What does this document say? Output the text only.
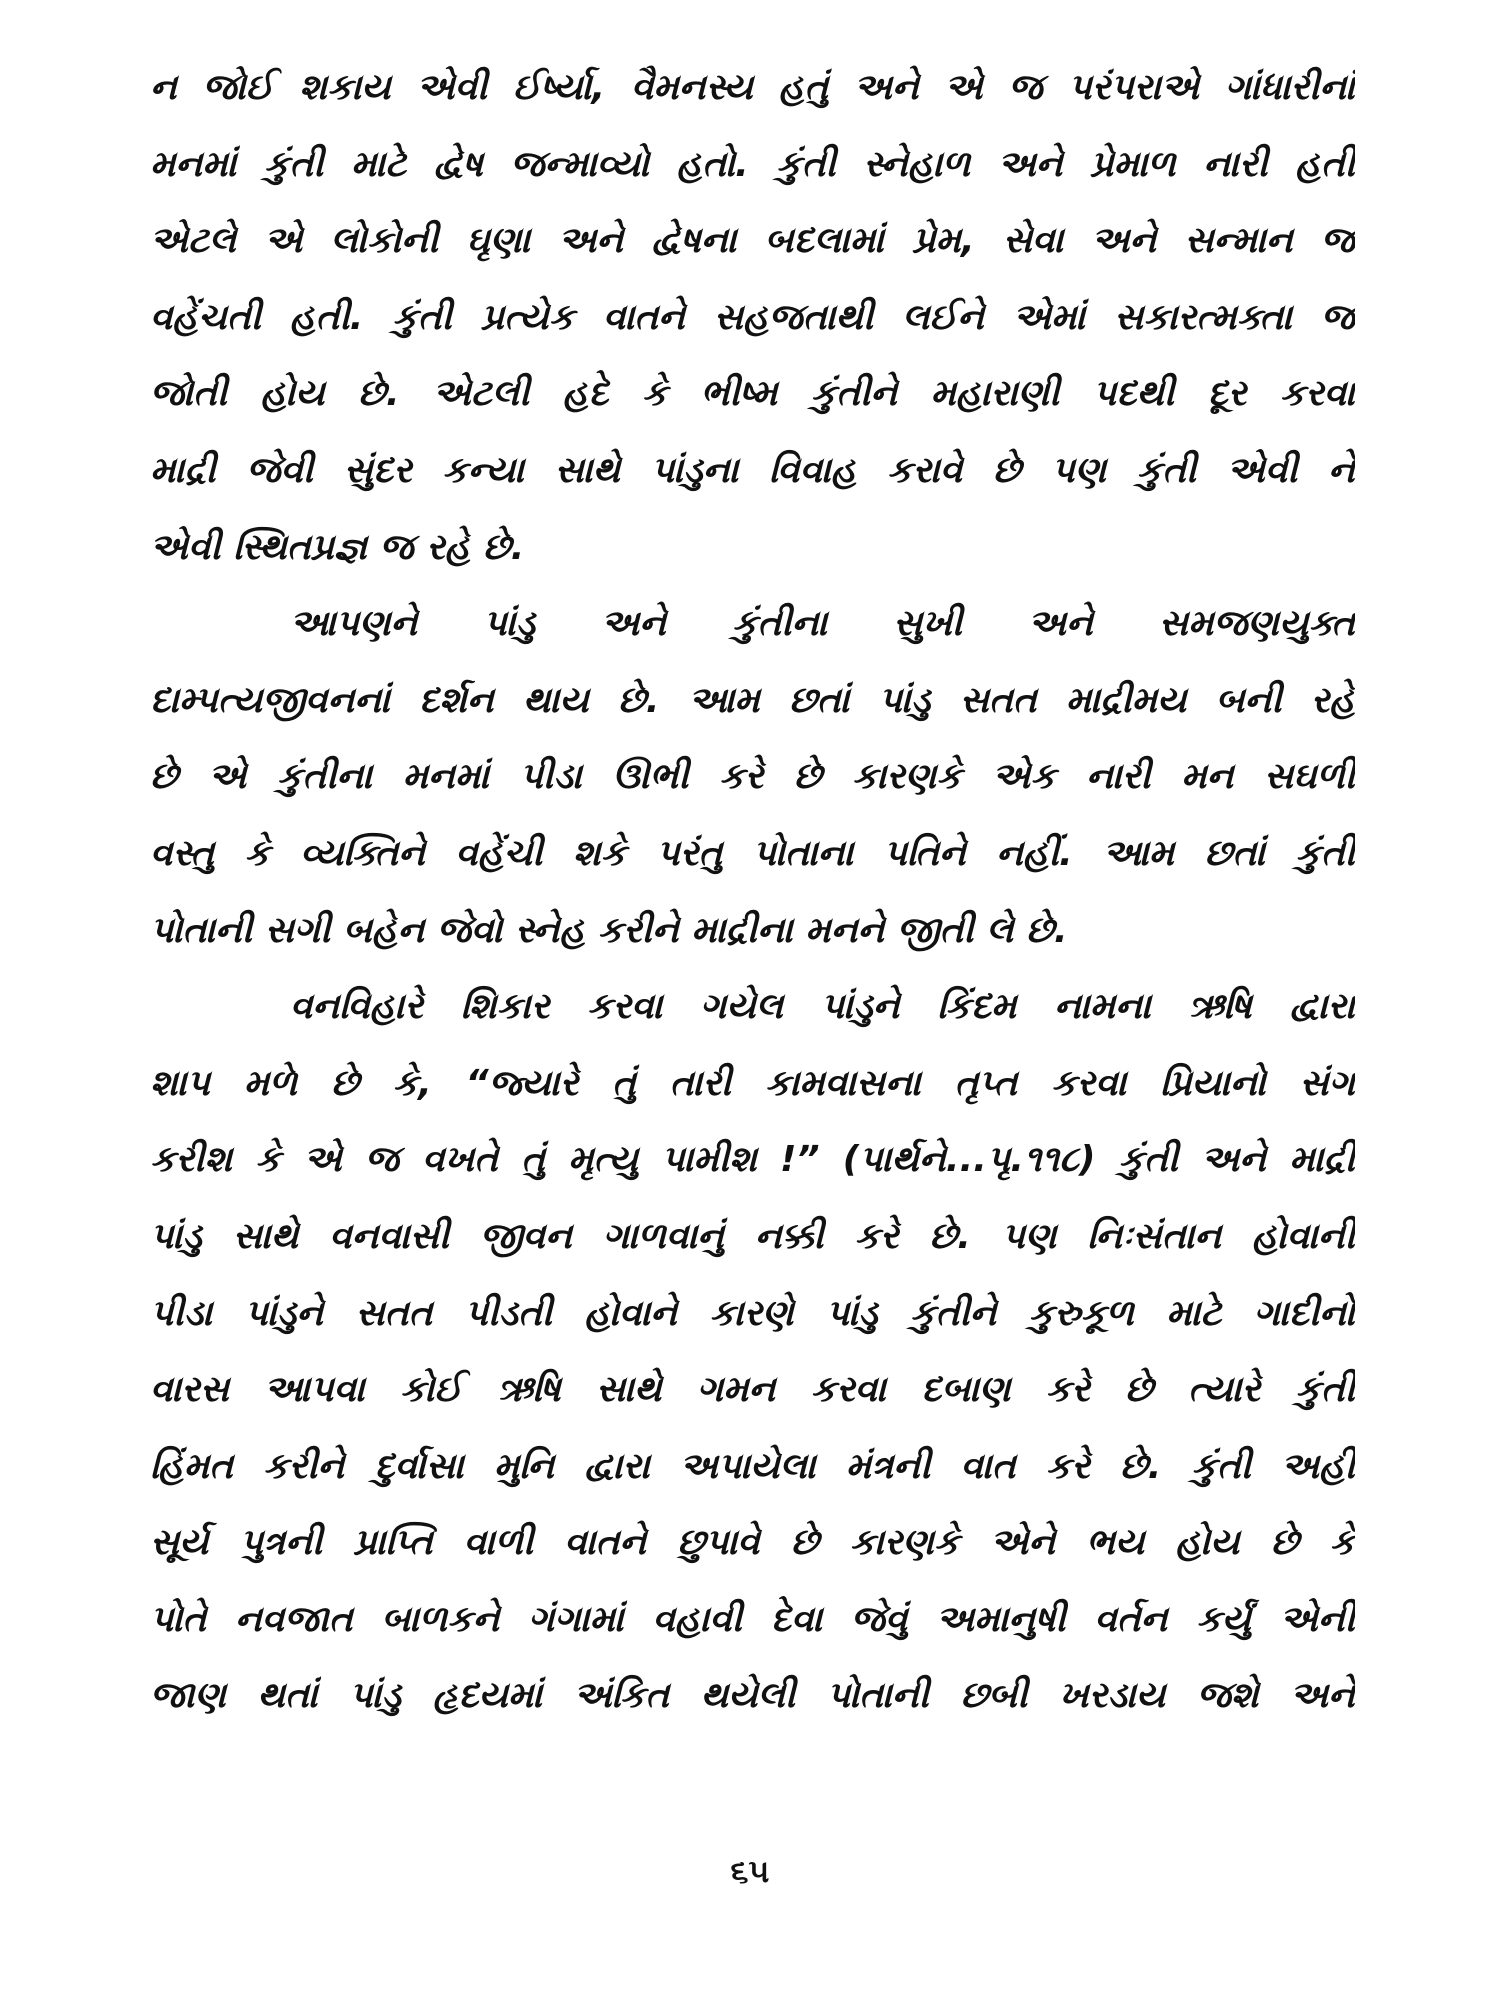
ન જોઈ શકાય એવી ઈર્ષ્યા, વૈમનસ્ય હતું અને એ જ પરંપરાએ ગાંધારીનાં
મનમાં કુંતી માટે દ્વેષ જન્માવ્યો હતો. કુંતી સ્નેહાળ અને પ્રેમાળ નારી હતી
એટલે એ લોકોની ઘૃણા અને દ્વેષના બદલામાં પ્રેમ, સેવા અને સન્માન જ
વહેંચતી હતી. કુંતી પ્રત્યેક વાતને સહજતાથી લઈને એમાં સકારત્મક્તા જ
જોતી હોય છે. એટલી હદે કે ભીષ્મ કુંતીને મહારાણી પદથી દૂર કરવા
માદ્રી જેવી સુંદર કન્યા સાથે પાંડુના વિવાહ કરાવે છે પણ કુંતી એવી ને
એવી સ્થિતપ્રજ્ઞ જ રહે છે.
આપણને પાંડુ અને કુંતીના સુખી અને સમજણયુક્ત
દામ્પત્યજીવનનાં દર્શન થાય છે. આમ છતાં પાંડુ સતત માદ્રીમય બની રહે
છે એ કુંતીના મનમાં પીડા ઊભી કરે છે કારણકે એક નારી મન સઘળી
વસ્તુ કે વ્યક્તિને વહેંચી શકે પરંતુ પોતાના પતિને નહીં. આમ છતાં કુંતી
પોતાની સગી બહેન જેવો સ્નેહ કરીને માદ્રીના મનને જીતી લે છે.
વનવિહારે શિકાર કરવા ગયેલ પાંડુને કિંદમ નામના ઋષિ દ્વારા
શાપ મળે છે કે, “જ્યારે તું તારી કામવાસના તૃપ્ત કરવા પ્રિયાનો સંગ
કરીશ કે એ જ વખતે તું મૃત્યુ પામીશ !” (પાર્થને...પૃ.૧૧૮) કુંતી અને માદ્રી
પાંડુ સાથે વનવાસી જીવન ગાળવાનું નક્કી કરે છે. પણ નિઃસંતાન હોવાની
પીડા પાંડુને સતત પીડતી હોવાને કારણે પાંડુ કુંતીને કુરુકૂળ માટે ગાદીનો
વારસ આપવા કોઈ ઋષિ સાથે ગમન કરવા દબાણ કરે છે ત્યારે કુંતી
હિંમત કરીને દુર્વાસા મુનિ દ્વારા અપાયેલા મંત્રની વાત કરે છે. કુંતી અહીં
સૂર્ય પુત્રની પ્રાપ્તિ વાળી વાતને છુપાવે છે કારણકે એને ભય હોય છે કે
પોતે નવજાત બાળકને ગંગામાં વહાવી દેવા જેવું અમાનુષી વર્તન કર્યું એની
જાણ થતાં પાંડુ હૃદયમાં અંકિત થયેલી પોતાની છબી ખરડાય જશે અને
૬૫
